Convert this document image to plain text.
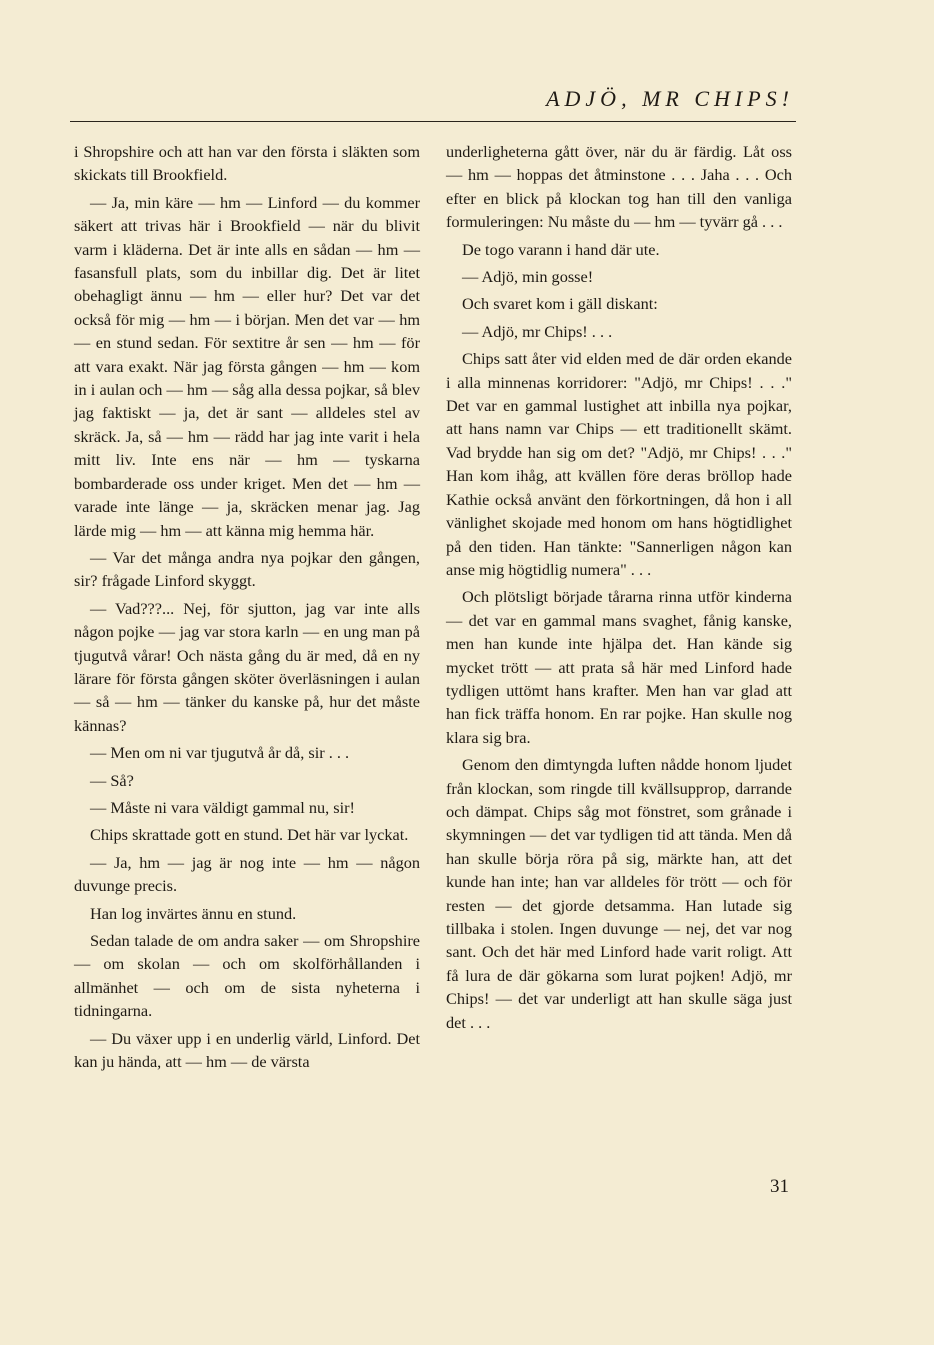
ADJÖ, MR CHIPS!

i Shropshire och att han var den första i släkten som skickats till Brookfield.

— Ja, min käre — hm — Linford — du kommer säkert att trivas här i Brookfield — när du blivit varm i kläderna. Det är inte alls en sådan — hm — fasansfull plats, som du inbillar dig. Det är litet obehagligt ännu — hm — eller hur? Det var det också för mig — hm — i början. Men det var — hm — en stund sedan. För sextitre år sen — hm — för att vara exakt. När jag första gången — hm — kom in i aulan och — hm — såg alla dessa pojkar, så blev jag faktiskt — ja, det är sant — alldeles stel av skräck. Ja, så — hm — rädd har jag inte varit i hela mitt liv. Inte ens när — hm — tyskarna bombarderade oss under kriget. Men det — hm — varade inte länge — ja, skräcken menar jag. Jag lärde mig — hm — att känna mig hemma här.

— Var det många andra nya pojkar den gången, sir? frågade Linford skyggt.

— Vad???... Nej, för sjutton, jag var inte alls någon pojke — jag var stora karln — en ung man på tjugutvå vårar! Och nästa gång du är med, då en ny lärare för första gången sköter överläsningen i aulan — så — hm — tänker du kanske på, hur det måste kännas?

— Men om ni var tjugutvå år då, sir . . .

— Så?

— Måste ni vara väldigt gammal nu, sir!

Chips skrattade gott en stund. Det här var lyckat.

— Ja, hm — jag är nog inte — hm — någon duvunge precis.

Han log invärtes ännu en stund.

Sedan talade de om andra saker — om Shropshire — om skolan — och om skolförhållanden i allmänhet — och om de sista nyheterna i tidningarna.

— Du växer upp i en underlig värld, Linford. Det kan ju hända, att — hm — de värsta

underligheterna gått över, när du är färdig. Låt oss — hm — hoppas det åtminstone . . . Jaha . . . Och efter en blick på klockan tog han till den vanliga formuleringen: Nu måste du — hm — tyvärr gå . . .

De togo varann i hand där ute.

— Adjö, min gosse!

Och svaret kom i gäll diskant:

— Adjö, mr Chips! . . .

Chips satt åter vid elden med de där orden ekande i alla minnenas korridorer: "Adjö, mr Chips! . . ." Det var en gammal lustighet att inbilla nya pojkar, att hans namn var Chips — ett traditionellt skämt. Vad brydde han sig om det? "Adjö, mr Chips! . . ." Han kom ihåg, att kvällen före deras bröllop hade Kathie också använt den förkortningen, då hon i all vänlighet skojade med honom om hans högtidlighet på den tiden. Han tänkte: "Sannerligen någon kan anse mig högtidlig numera" . . .

Och plötsligt började tårarna rinna utför kinderna — det var en gammal mans svaghet, fånig kanske, men han kunde inte hjälpa det. Han kände sig mycket trött — att prata så här med Linford hade tydligen uttömt hans krafter. Men han var glad att han fick träffa honom. En rar pojke. Han skulle nog klara sig bra.

Genom den dimtyngda luften nådde honom ljudet från klockan, som ringde till kvällsupprop, darrande och dämpat. Chips såg mot fönstret, som grånade i skymningen — det var tydligen tid att tända. Men då han skulle börja röra på sig, märkte han, att det kunde han inte; han var alldeles för trött — och för resten — det gjorde detsamma. Han lutade sig tillbaka i stolen. Ingen duvunge — nej, det var nog sant. Och det här med Linford hade varit roligt. Att få lura de där gökarna som lurat pojken! Adjö, mr Chips! — det var underligt att han skulle säga just det . . .

31
